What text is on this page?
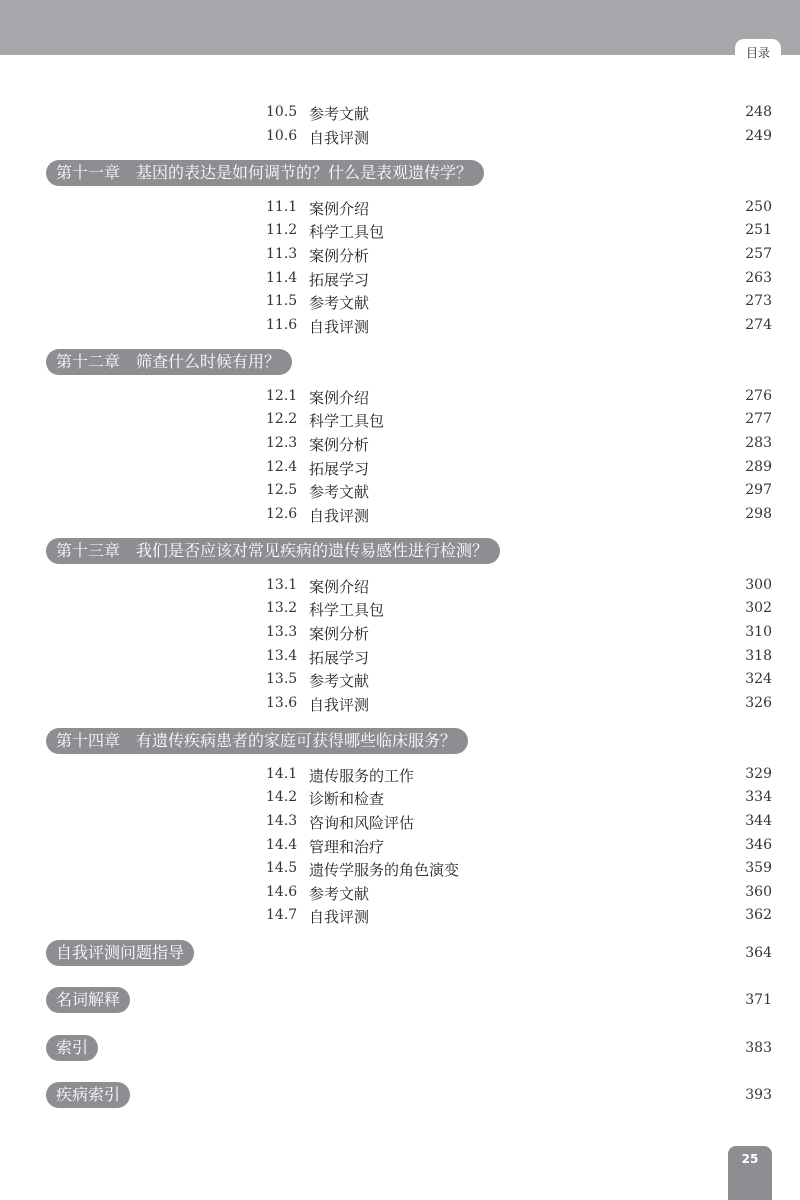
目录
10.5 参考文献	248
10.6 自我评测	249
第十一章 基因的表达是如何调节的？什么是表观遗传学？
11.1 案例介绍	250
11.2 科学工具包	251
11.3 案例分析	257
11.4 拓展学习	263
11.5 参考文献	273
11.6 自我评测	274
第十二章 筛查什么时候有用？
12.1 案例介绍	276
12.2 科学工具包	277
12.3 案例分析	283
12.4 拓展学习	289
12.5 参考文献	297
12.6 自我评测	298
第十三章 我们是否应该对常见疾病的遗传易感性进行检测？
13.1 案例介绍	300
13.2 科学工具包	302
13.3 案例分析	310
13.4 拓展学习	318
13.5 参考文献	324
13.6 自我评测	326
第十四章 有遗传疾病患者的家庭可获得哪些临床服务？
14.1 遗传服务的工作	329
14.2 诊断和检查	334
14.3 咨询和风险评估	344
14.4 管理和治疗	346
14.5 遗传学服务的角色演变	359
14.6 参考文献	360
14.7 自我评测	362
自我评测问题指导	364
名词解释	371
索引	383
疾病索引	393
25
